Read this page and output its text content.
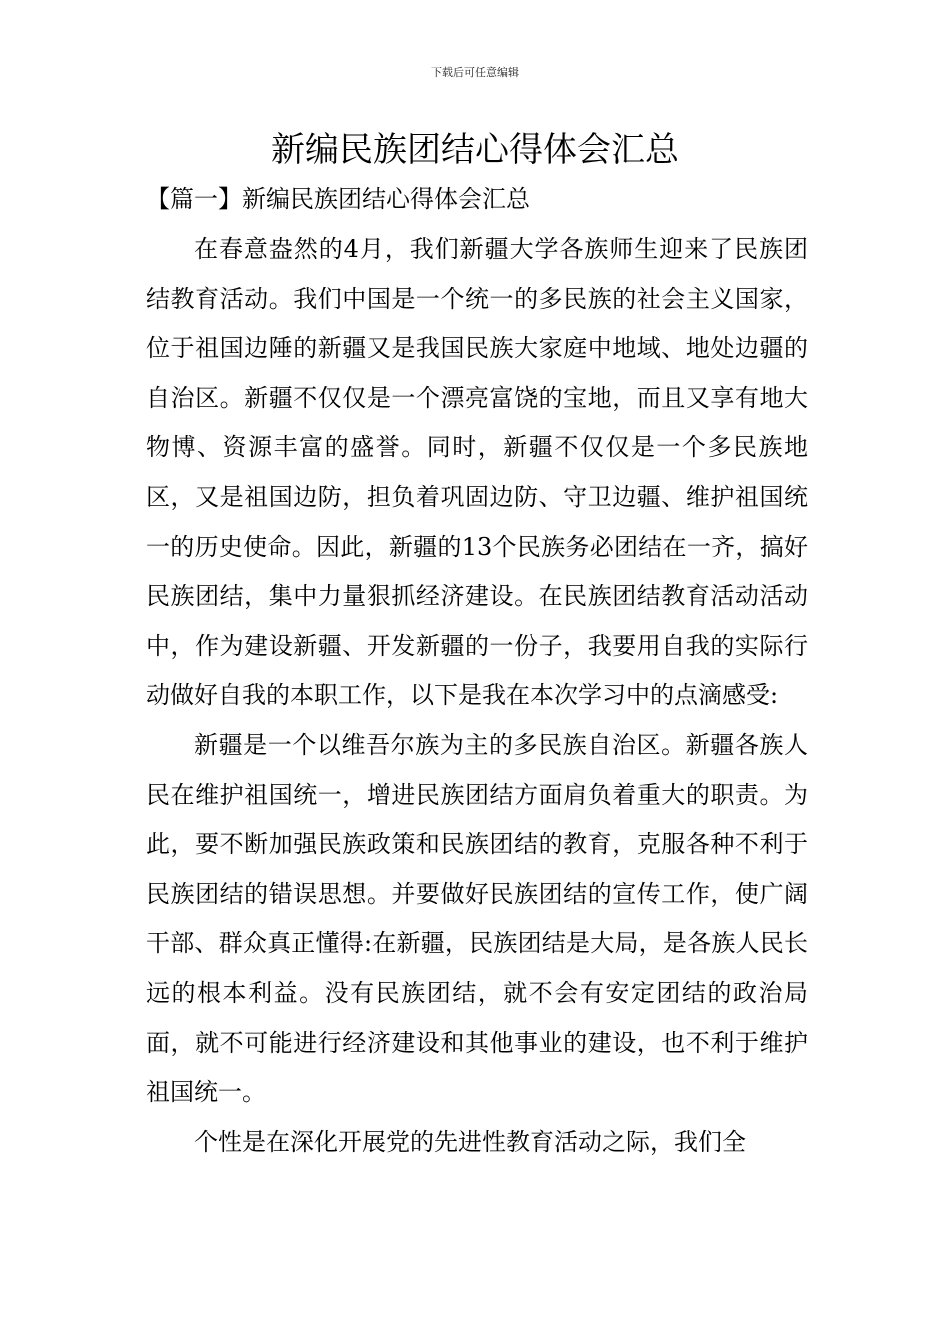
下载后可任意编辑
新编民族团结心得体会汇总
【篇一】新编民族团结心得体会汇总

在春意盎然的4月，我们新疆大学各族师生迎来了民族团结教育活动。我们中国是一个统一的多民族的社会主义国家，位于祖国边陲的新疆又是我国民族大家庭中地域、地处边疆的自治区。新疆不仅仅是一个漂亮富饶的宝地，而且又享有地大物博、资源丰富的盛誉。同时，新疆不仅仅是一个多民族地区，又是祖国边防，担负着巩固边防、守卫边疆、维护祖国统一的历史使命。因此，新疆的13个民族务必团结在一齐，搞好民族团结，集中力量狠抓经济建设。在民族团结教育活动活动中，作为建设新疆、开发新疆的一份子，我要用自我的实际行动做好自我的本职工作，以下是我在本次学习中的点滴感受:

新疆是一个以维吾尔族为主的多民族自治区。新疆各族人民在维护祖国统一，增进民族团结方面肩负着重大的职责。为此，要不断加强民族政策和民族团结的教育，克服各种不利于民族团结的错误思想。并要做好民族团结的宣传工作，使广阔干部、群众真正懂得:在新疆，民族团结是大局，是各族人民长远的根本利益。没有民族团结，就不会有安定团结的政治局面，就不可能进行经济建设和其他事业的建设，也不利于维护祖国统一。

个性是在深化开展党的先进性教育活动之际，我们全
